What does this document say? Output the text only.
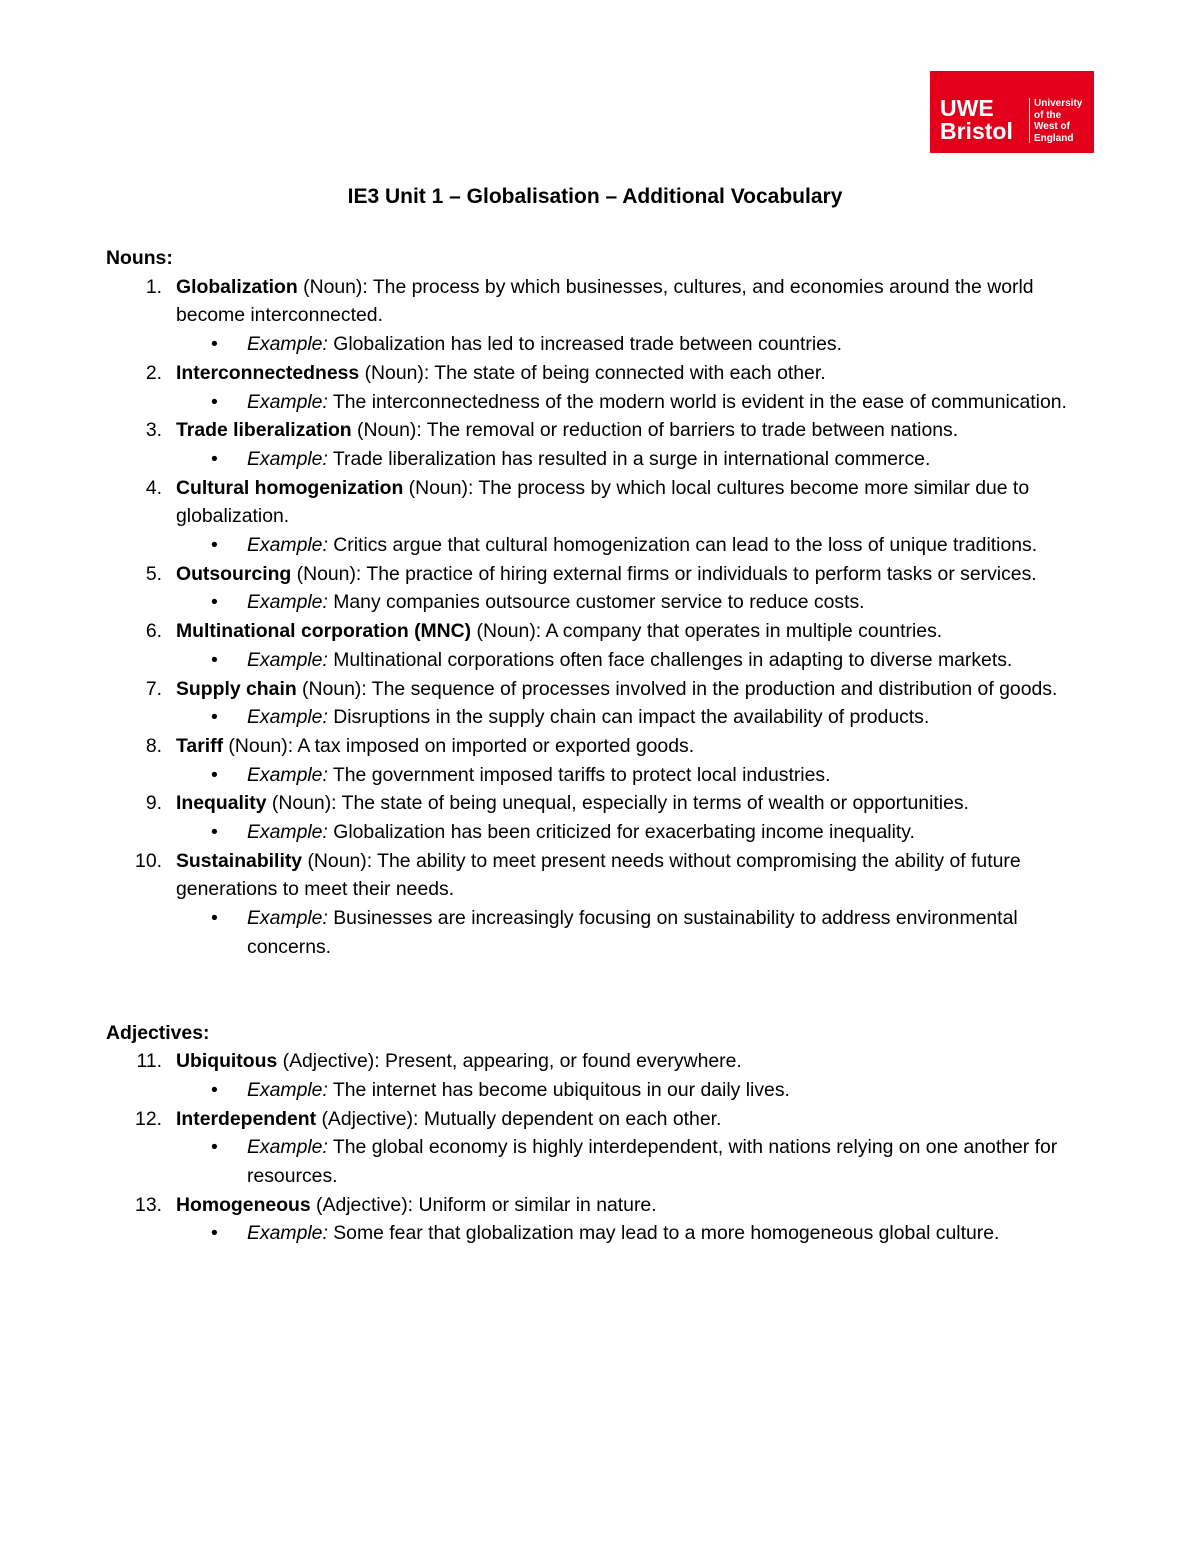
UWE
Bristol
University
of the
West of
England
IE3 Unit 1 – Globalisation – Additional Vocabulary
Nouns:
1. Globalization (Noun): The process by which businesses, cultures, and economies around the world become interconnected.
• Example: Globalization has led to increased trade between countries.
2. Interconnectedness (Noun): The state of being connected with each other.
• Example: The interconnectedness of the modern world is evident in the ease of communication.
3. Trade liberalization (Noun): The removal or reduction of barriers to trade between nations.
• Example: Trade liberalization has resulted in a surge in international commerce.
4. Cultural homogenization (Noun): The process by which local cultures become more similar due to globalization.
• Example: Critics argue that cultural homogenization can lead to the loss of unique traditions.
5. Outsourcing (Noun): The practice of hiring external firms or individuals to perform tasks or services.
• Example: Many companies outsource customer service to reduce costs.
6. Multinational corporation (MNC) (Noun): A company that operates in multiple countries.
• Example: Multinational corporations often face challenges in adapting to diverse markets.
7. Supply chain (Noun): The sequence of processes involved in the production and distribution of goods.
• Example: Disruptions in the supply chain can impact the availability of products.
8. Tariff (Noun): A tax imposed on imported or exported goods.
• Example: The government imposed tariffs to protect local industries.
9. Inequality (Noun): The state of being unequal, especially in terms of wealth or opportunities.
• Example: Globalization has been criticized for exacerbating income inequality.
10. Sustainability (Noun): The ability to meet present needs without compromising the ability of future generations to meet their needs.
• Example: Businesses are increasingly focusing on sustainability to address environmental concerns.
Adjectives:
11. Ubiquitous (Adjective): Present, appearing, or found everywhere.
• Example: The internet has become ubiquitous in our daily lives.
12. Interdependent (Adjective): Mutually dependent on each other.
• Example: The global economy is highly interdependent, with nations relying on one another for resources.
13. Homogeneous (Adjective): Uniform or similar in nature.
• Example: Some fear that globalization may lead to a more homogeneous global culture.
